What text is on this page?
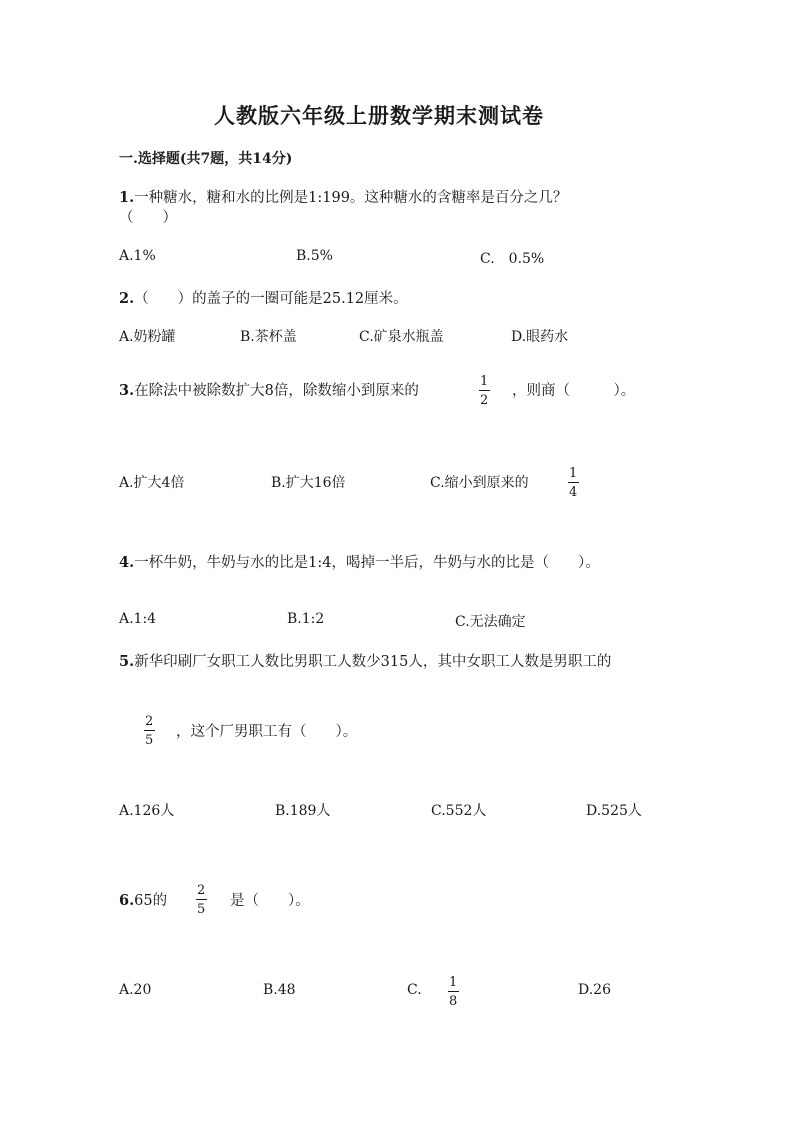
人教版六年级上册数学期末测试卷
一.选择题(共7题，共14分)
1.一种糖水，糖和水的比例是1:199。这种糖水的含糖率是百分之几？
（　　）
A.1%	B.5%	C.　0.5%
2.（　　）的盖子的一圈可能是25.12厘米。
A.奶粉罐	B.茶杯盖	C.矿泉水瓶盖	D.眼药水
3.在除法中被除数扩大8倍，除数缩小到原来的
1
2
，则商（　　　）。
A.扩大4倍	B.扩大16倍	C.缩小到原来的
1
4
4.一杯牛奶，牛奶与水的比是1:4，喝掉一半后，牛奶与水的比是（　　）。
A.1:4	B.1:2	C.无法确定
5.新华印刷厂女职工人数比男职工人数少315人，其中女职工人数是男职工的
2
5
，这个厂男职工有（　　）。
A.126人	B.189人	C.552人	D.525人
6.65的
2
5
是（　　）。
A.20	B.48	C. 1
8
D.26
